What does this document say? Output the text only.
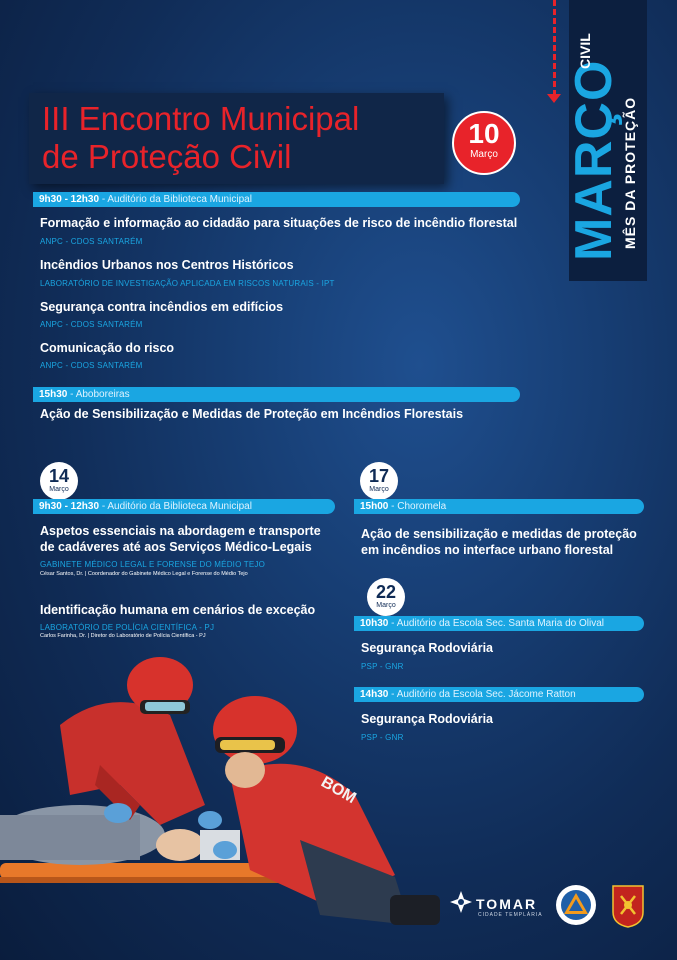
MARÇO MÊS DA PROTEÇÃO
CIVIL
III Encontro Municipal
de Proteção Civil
10
Março
9h30 - 12h30 - Auditório da Biblioteca Municipal
Formação e informação ao cidadão para situações de risco de incêndio florestal
ANPC - CDOS SANTARÉM
Incêndios Urbanos nos Centros Históricos
LABORATÓRIO DE INVESTIGAÇÃO APLICADA EM RISCOS NATURAIS - IPT
Segurança contra incêndios em edifícios
ANPC - CDOS SANTARÉM
Comunicação do risco
ANPC - CDOS SANTARÉM
15h30 - Aboboreiras
Ação de Sensibilização e Medidas de Proteção em Incêndios Florestais
14
Março
9h30 - 12h30 - Auditório da Biblioteca Municipal
Aspetos essenciais na abordagem e transporte
de cadáveres até aos Serviços Médico-Legais
GABINETE MÉDICO LEGAL E FORENSE DO MÉDIO TEJO
César Santos, Dr. | Coordenador do Gabinete Médico Legal e Forense do Médio Tejo
Identificação humana em cenários de exceção
LABORATÓRIO DE POLÍCIA CIENTÍFICA - PJ
Carlos Farinha, Dr. | Diretor do Laboratório de Polícia Científica - PJ
17
Março
15h00 - Choromela
Ação de sensibilização e medidas de proteção
em incêndios no interface urbano florestal
22
Março
10h30 - Auditório da Escola Sec. Santa Maria do Olival
Segurança Rodoviária
PSP - GNR
14h30 - Auditório da Escola Sec. Jácome Ratton
Segurança Rodoviária
PSP - GNR
BOM
TOMAR
CIDADE TEMPLÁRIA
